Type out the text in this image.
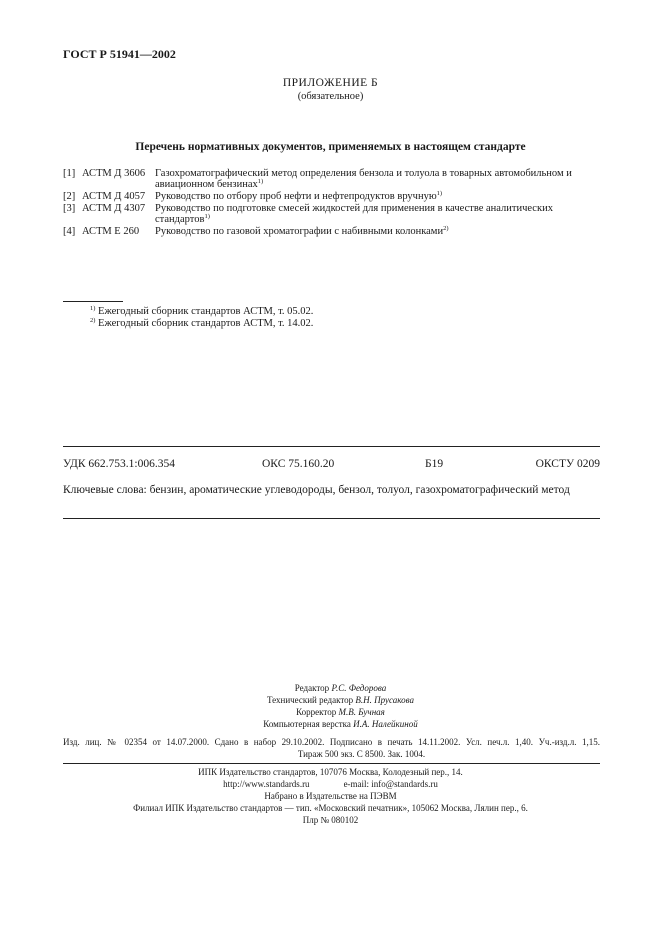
ГОСТ Р 51941—2002
ПРИЛОЖЕНИЕ Б
(обязательное)
Перечень нормативных документов, применяемых в настоящем стандарте
[1] АСТМ Д 3606 Газохроматографический метод определения бензола и толуола в товарных автомобильном и авиационном бензинах$^{1)}$
[2] АСТМ Д 4057 Руководство по отбору проб нефти и нефтепродуктов вручную$^{1)}$
[3] АСТМ Д 4307 Руководство по подготовке смесей жидкостей для применения в качестве аналитических стандартов$^{1)}$
[4] АСТМ Е 260	Руководство по газовой хроматографии с набивными колонками$^{2)}$
$^{1)}$ Ежегодный сборник стандартов АСТМ, т. 05.02.
$^{2)}$ Ежегодный сборник стандартов АСТМ, т. 14.02.
УДК 662.753.1:006.354	ОКС 75.160.20	Б19	ОКСТУ 0209
Ключевые слова: бензин, ароматические углеводороды, бензол, толуол, газохроматографический метод
Редактор Р.С. Федорова
Технический редактор В.Н. Прусакова
Корректор М.В. Бучная
Компьютерная верстка И.А. Налейкиной
Изд. лиц. № 02354 от 14.07.2000. Сдано в набор 29.10.2002. Подписано в печать 14.11.2002. Усл. печ.л. 1,40. Уч.-изд.л. 1,15.
Тираж 500 экз. С 8500. Зак. 1004.
ИПК Издательство стандартов, 107076 Москва, Колодезный пер., 14.
http://www.standards.ru	e-mail: info@standards.ru
Набрано в Издательстве на ПЭВМ
Филиал ИПК Издательство стандартов — тип. «Московский печатник», 105062 Москва, Лялин пер., 6.
Плр № 080102
